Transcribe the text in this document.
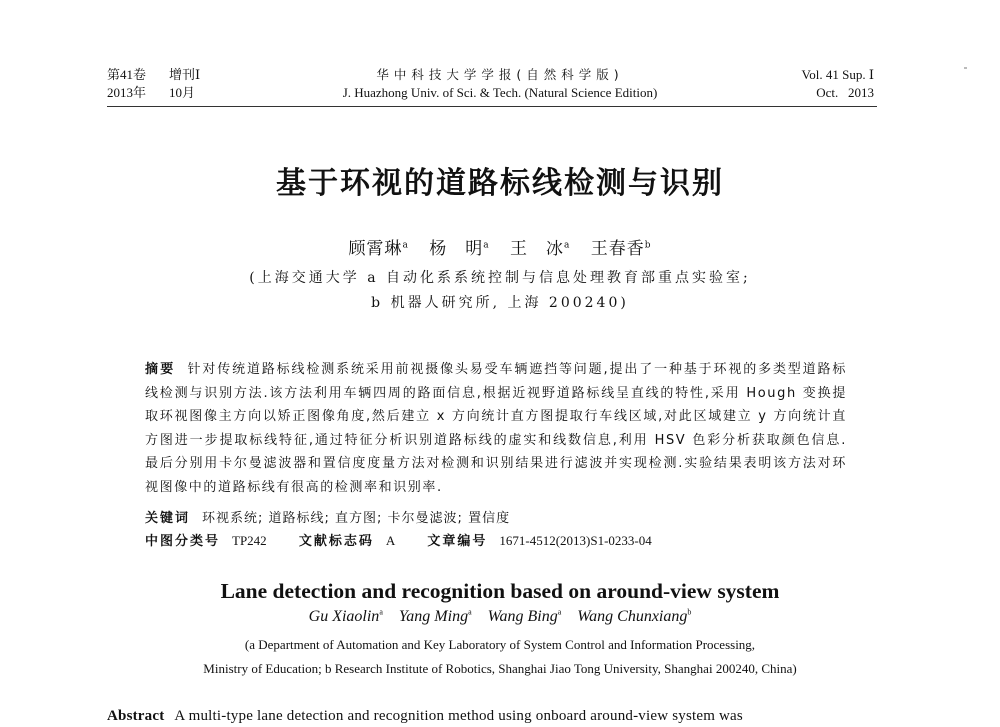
第41卷 增刊Ⅰ
2013年 10月
华中科技大学学报(自然科学版)
J. Huazhong Univ. of Sci. & Tech. (Natural Science Edition)
Vol. 41 Sup. Ⅰ
Oct.   2013
基于环视的道路标线检测与识别
顾霄琳$^a$ 杨　明$^a$ 王　冰$^a$ 王春香$^b$
(上海交通大学 a 自动化系系统控制与信息处理教育部重点实验室;
b 机器人研究所, 上海 200240)
摘要 针对传统道路标线检测系统采用前视摄像头易受车辆遮挡等问题,提出了一种基于环视的多类型道路标线检测与识别方法.该方法利用车辆四周的路面信息,根据近视野道路标线呈直线的特性,采用 Hough 变换提取环视图像主方向以矫正图像角度,然后建立 x 方向统计直方图提取行车线区域,对此区域建立 y 方向统计直方图进一步提取标线特征,通过特征分析识别道路标线的虚实和线数信息,利用 HSV 色彩分析获取颜色信息.最后分别用卡尔曼滤波器和置信度度量方法对检测和识别结果进行滤波并实现检测.实验结果表明该方法对环视图像中的道路标线有很高的检测率和识别率.
关键词 环视系统; 道路标线; 直方图; 卡尔曼滤波; 置信度
中图分类号 TP242 文献标志码 A 文章编号 1671-4512(2013)S1-0233-04
Lane detection and recognition based on around-view system
Gu Xiaolin$^a$ Yang Ming$^a$ Wang Bing$^a$ Wang Chunxiang$^b$
(a Department of Automation and Key Laboratory of System Control and Information Processing,
Ministry of Education; b Research Institute of Robotics, Shanghai Jiao Tong University, Shanghai 200240, China)
Abstract A multi-type lane detection and recognition method using onboard around-view system was
